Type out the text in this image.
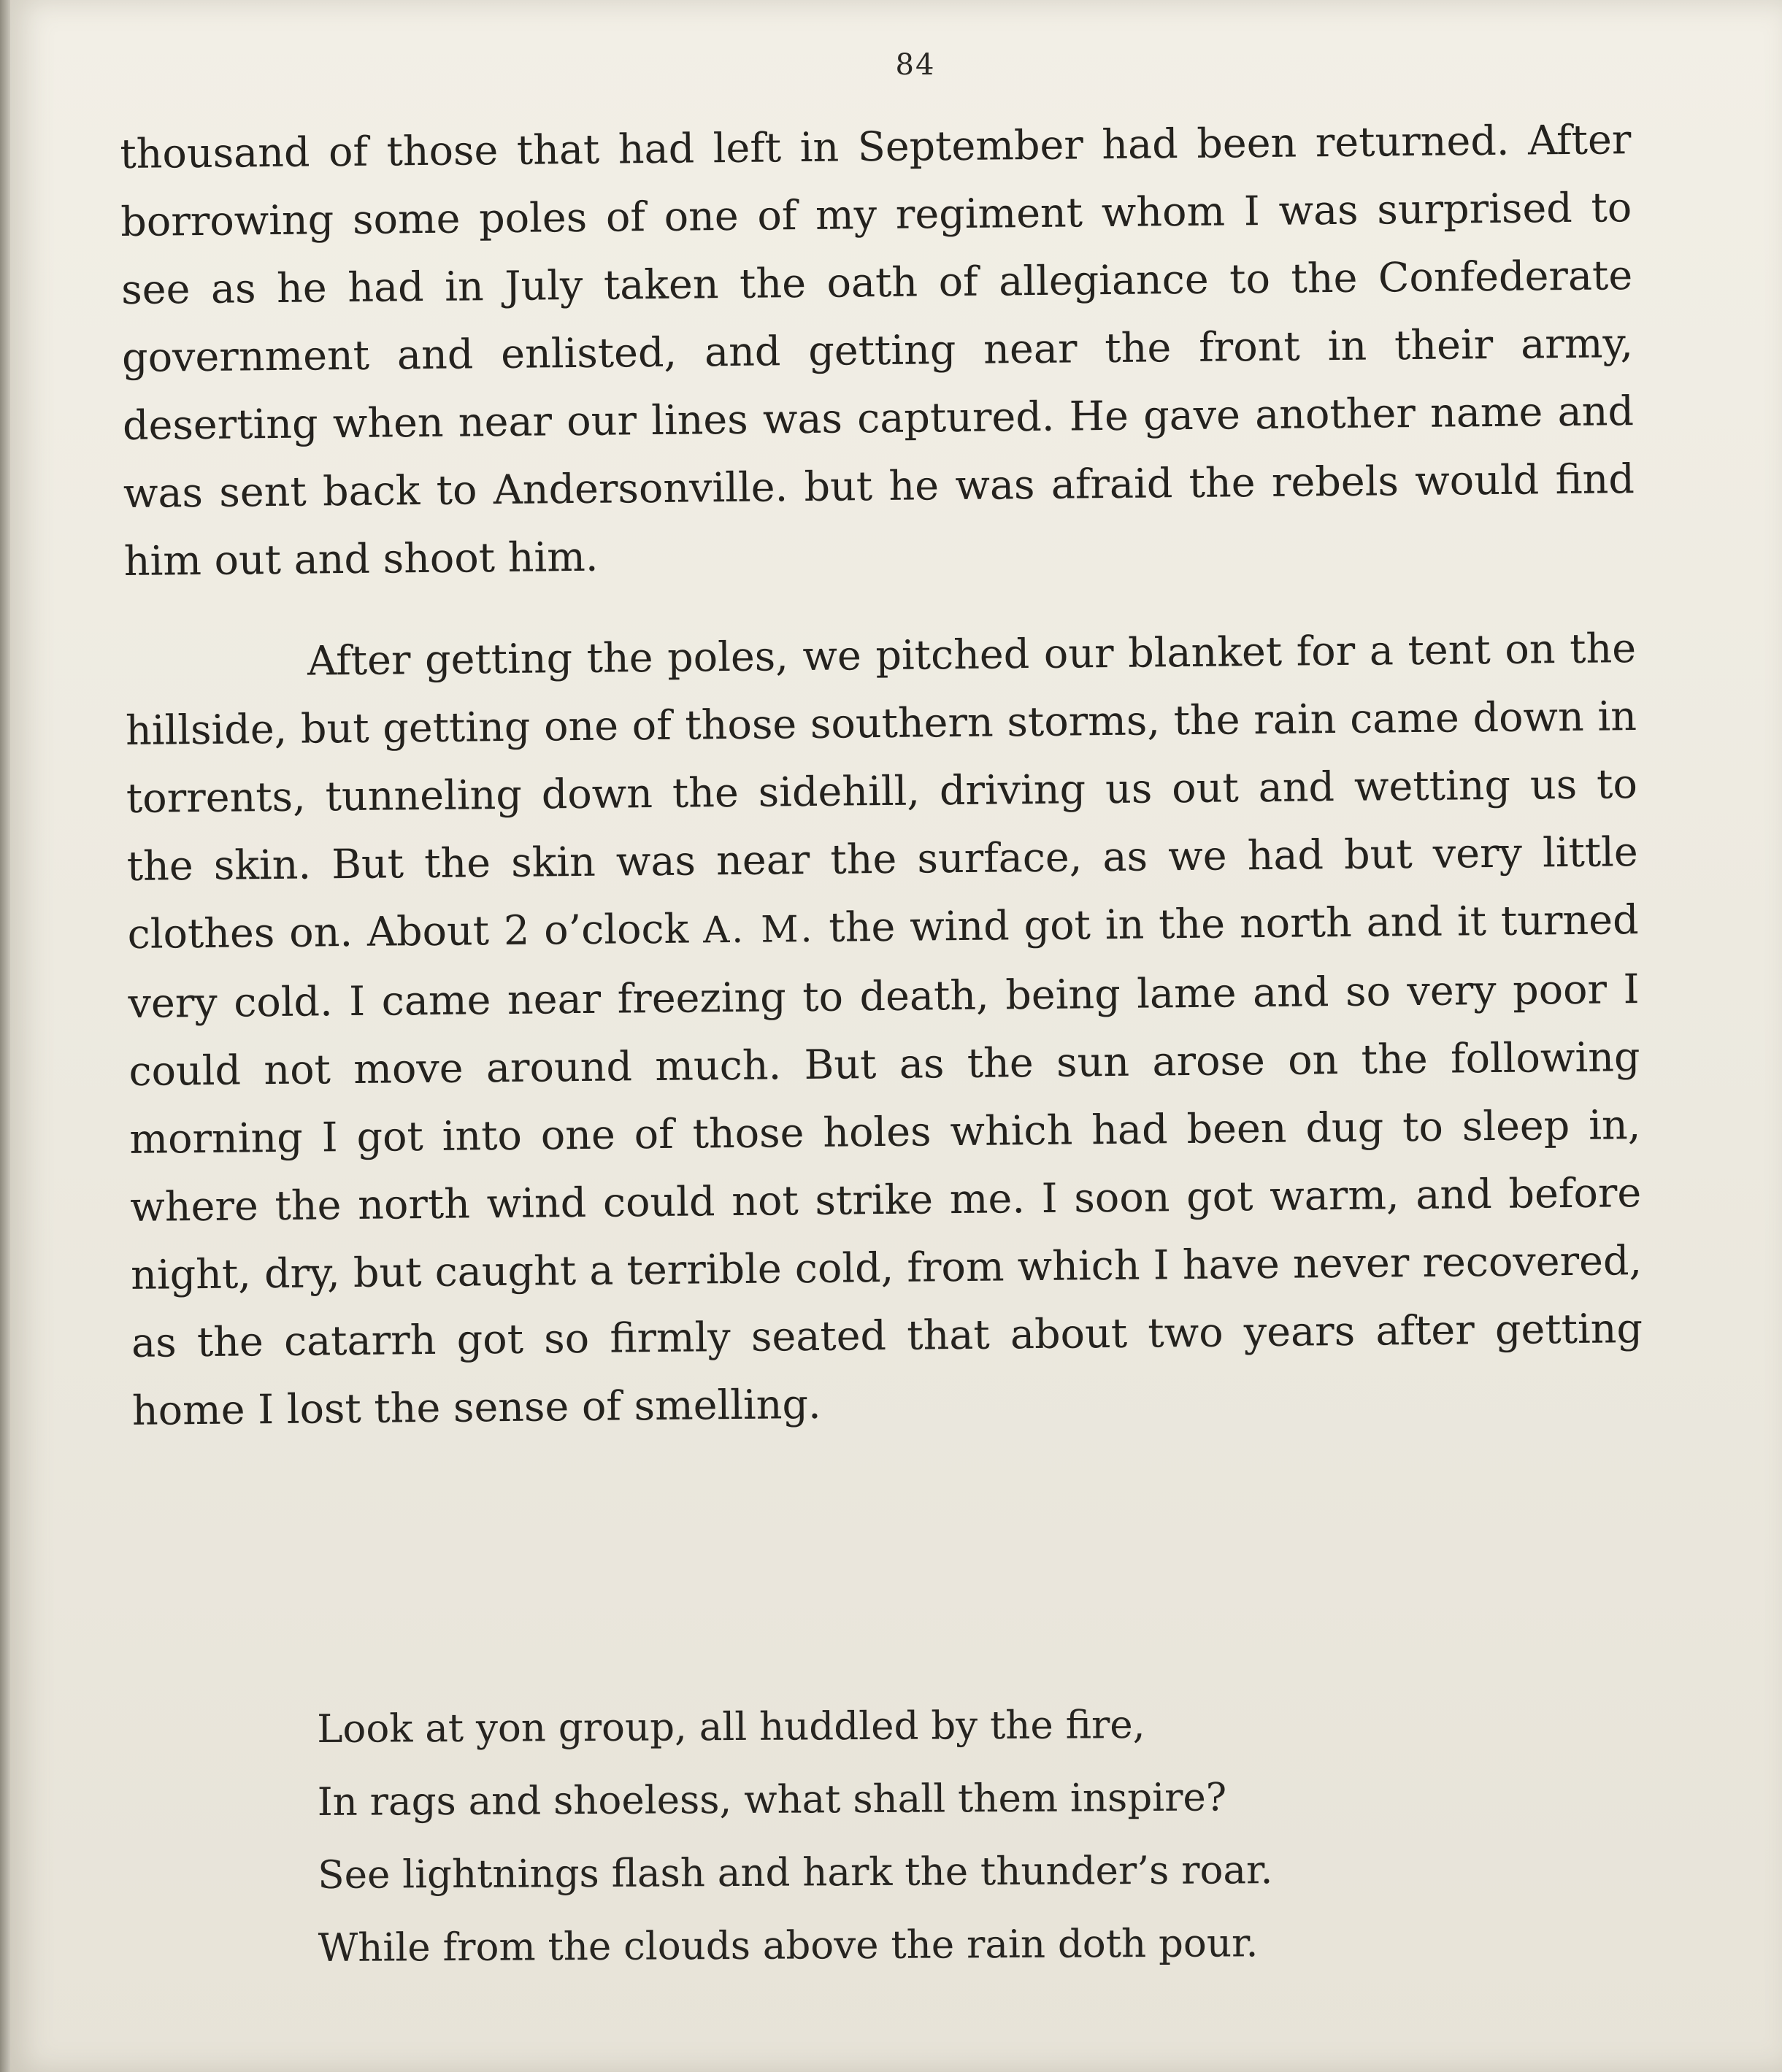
84

thousand of those that had left in September had been returned. After borrowing some poles of one of my regiment whom I was surprised to see as he had in July taken the oath of allegiance to the Confederate government and enlisted, and getting near the front in their army, deserting when near our lines was captured. He gave another name and was sent back to Andersonville. but he was afraid the rebels would find him out and shoot him.

After getting the poles, we pitched our blanket for a tent on the hillside, but getting one of those southern storms, the rain came down in torrents, tunneling down the sidehill, driving us out and wetting us to the skin. But the skin was near the surface, as we had but very little clothes on. About 2 o’clock A. M. the wind got in the north and it turned very cold. I came near freezing to death, being lame and so very poor I could not move around much. But as the sun arose on the following morning I got into one of those holes which had been dug to sleep in, where the north wind could not strike me. I soon got warm, and before night, dry, but caught a terrible cold, from which I have never recovered, as the catarrh got so firmly seated that about two years after getting home I lost the sense of smelling.

Look at yon group, all huddled by the fire,
In rags and shoeless, what shall them inspire?
See lightnings flash and hark the thunder’s roar.
While from the clouds above the rain doth pour.
